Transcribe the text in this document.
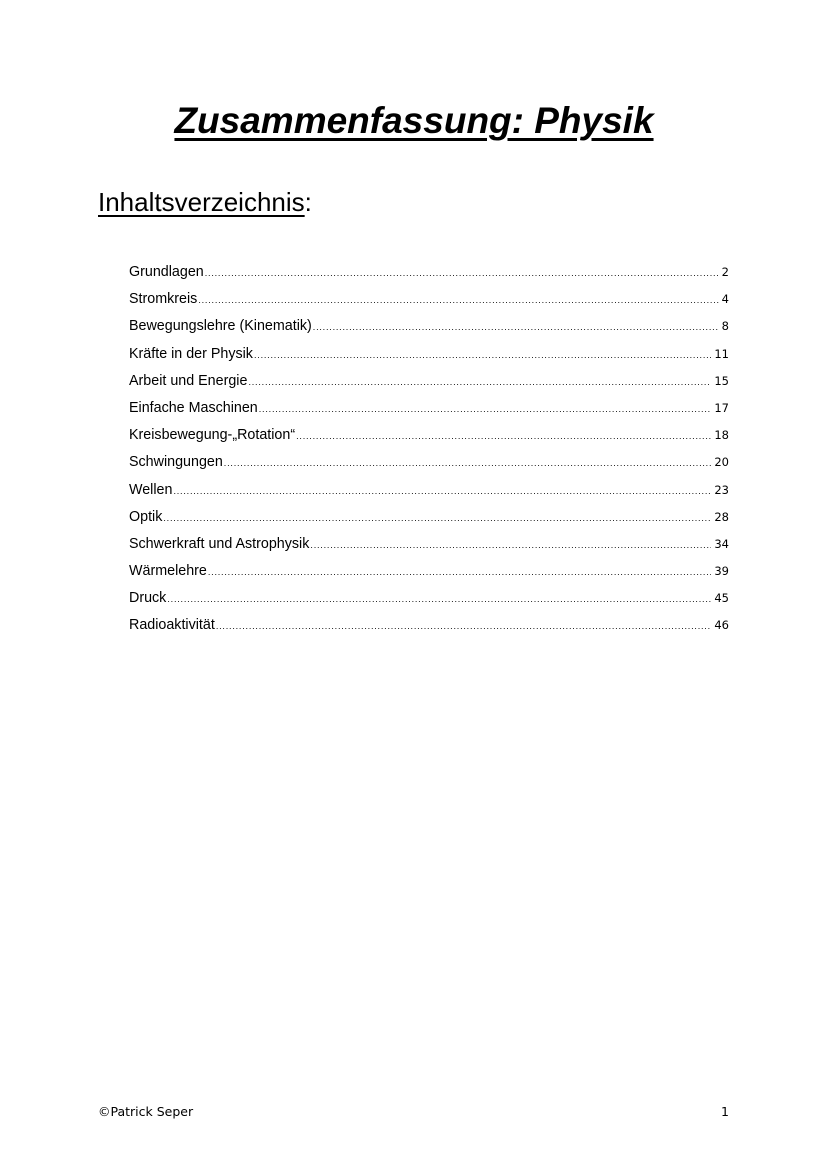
Zusammenfassung: Physik
Inhaltsverzeichnis:
Grundlagen .....	2
Stromkreis .....	4
Bewegungslehre (Kinematik) .....	8
Kräfte in der Physik .....	11
Arbeit und Energie .....	15
Einfache Maschinen .....	17
Kreisbewegung-„Rotation“ .....	18
Schwingungen .....	20
Wellen .....	23
Optik .....	28
Schwerkraft und Astrophysik .....	34
Wärmelehre .....	39
Druck .....	45
Radioaktivität .....	46
©Patrick Seper	1
